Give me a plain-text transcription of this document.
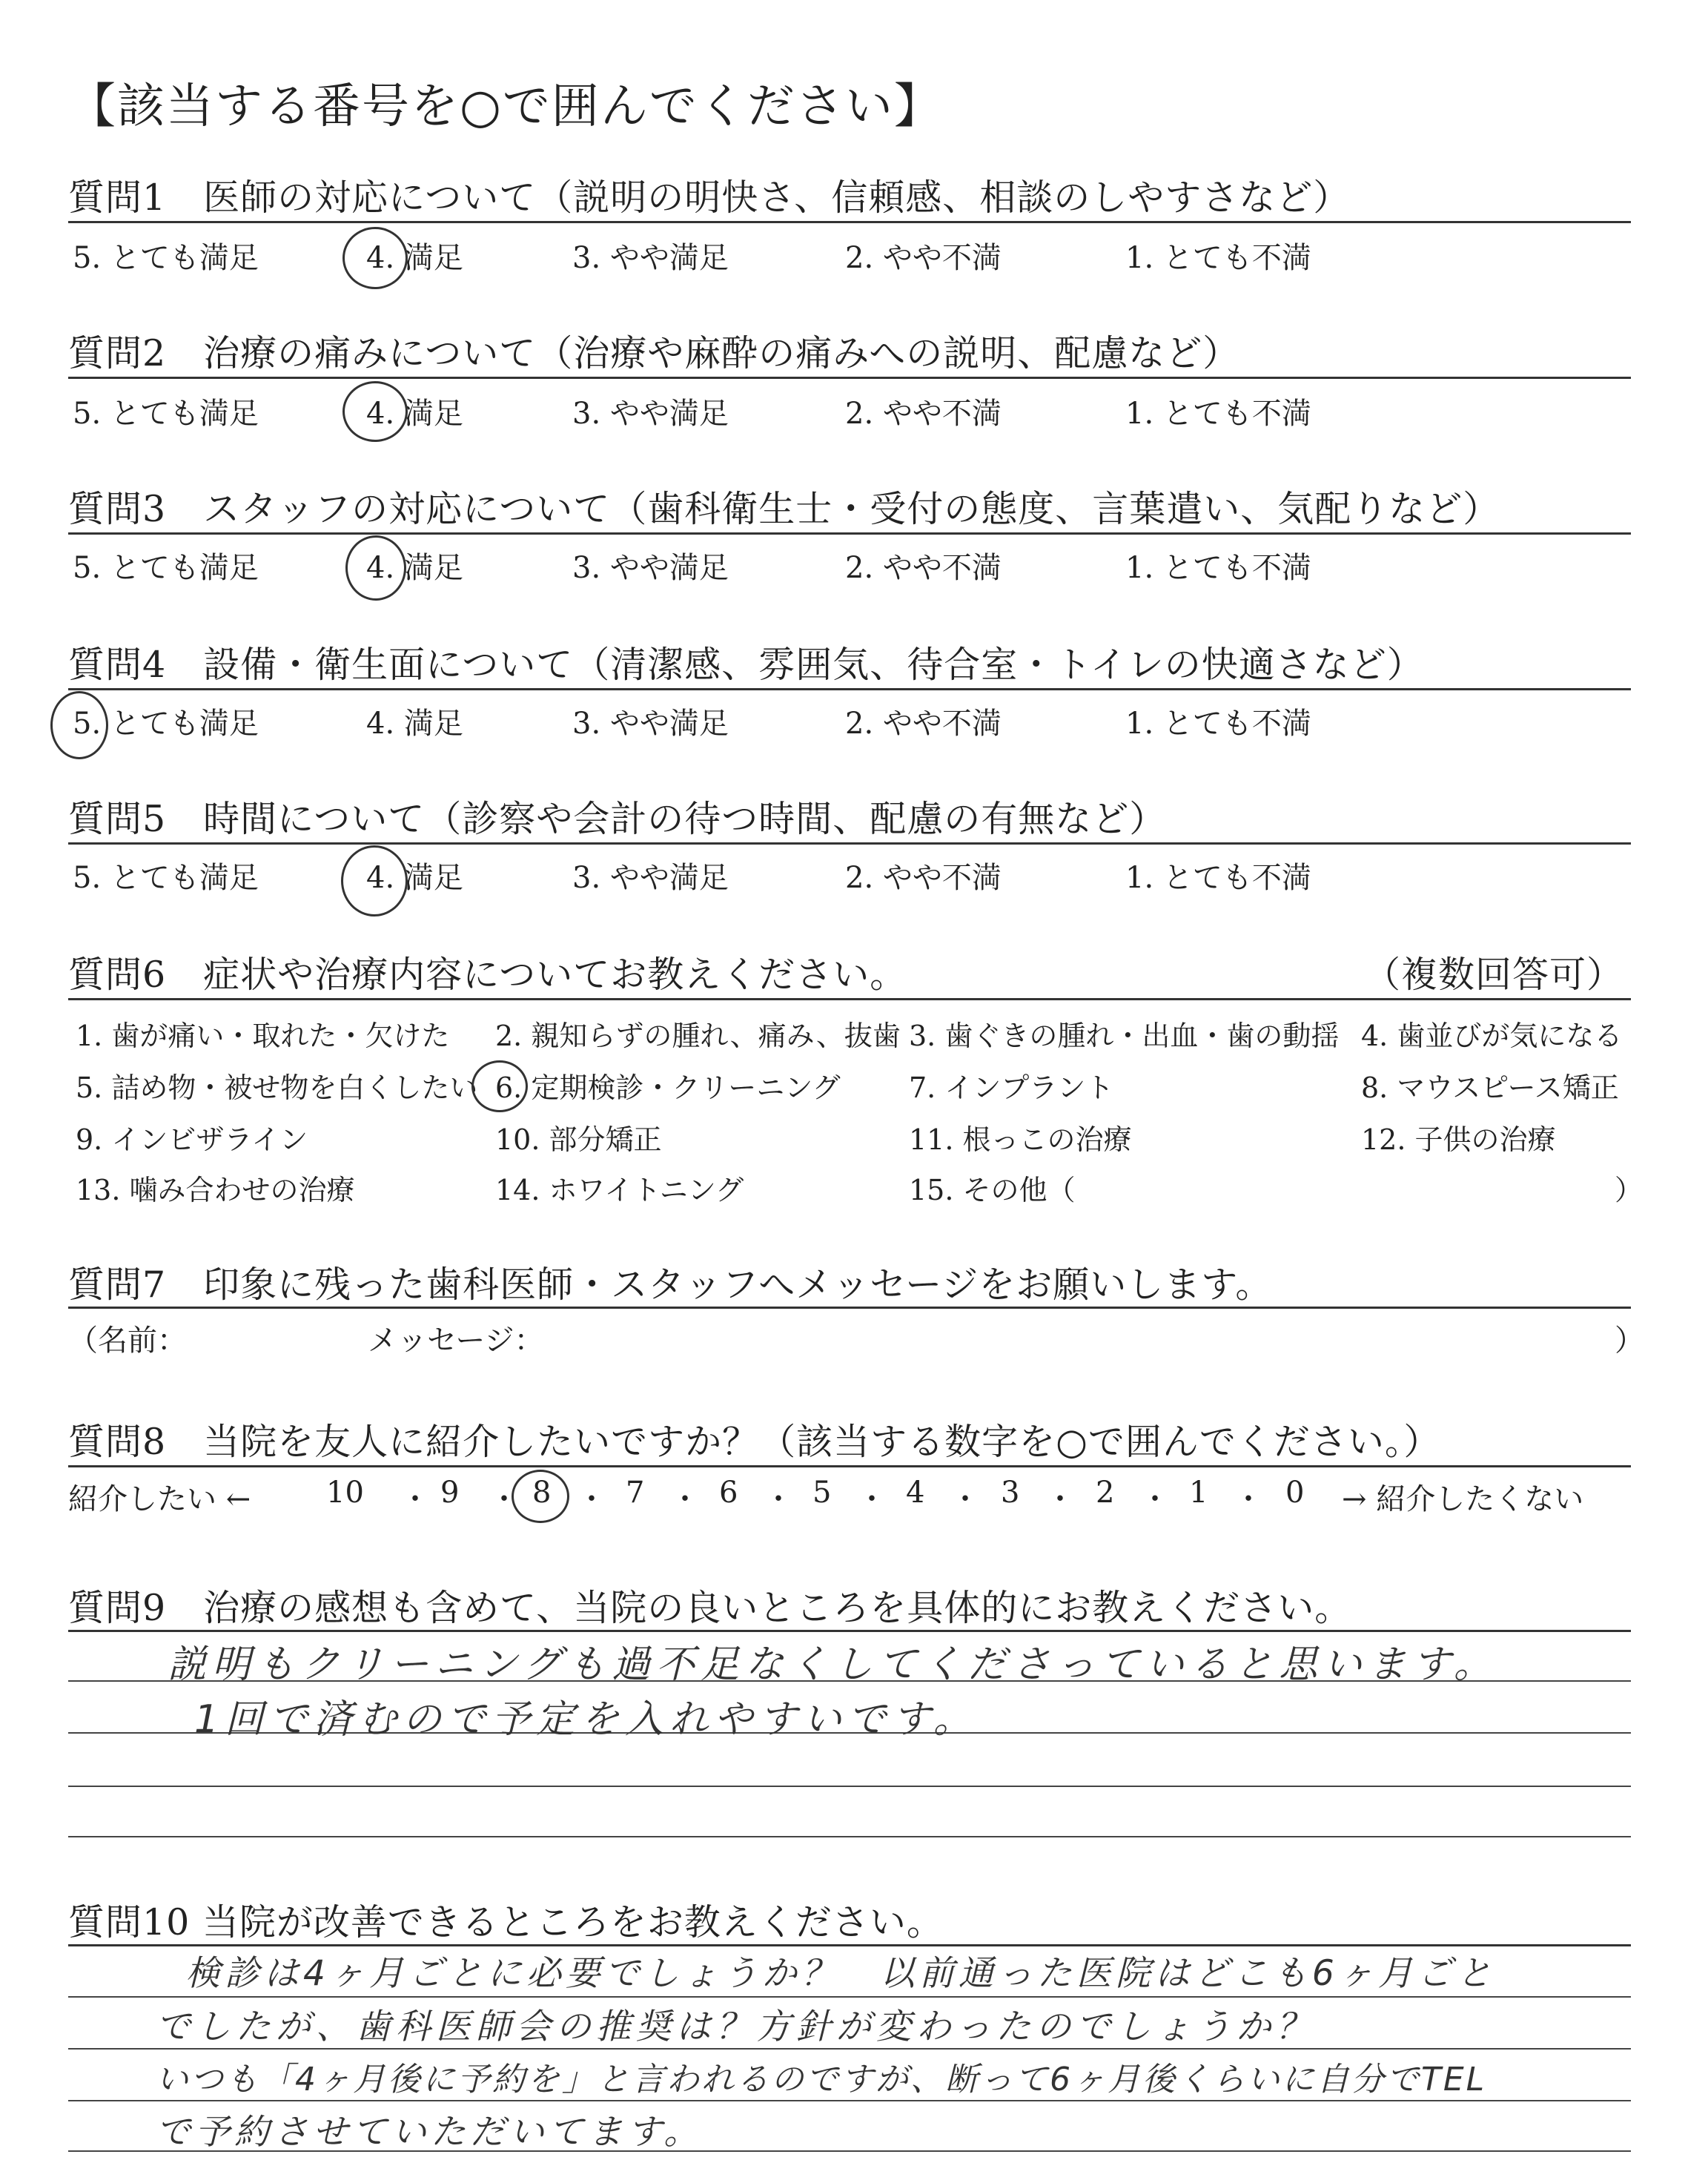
【該当する番号を○で囲んでください】
質問1　医師の対応について（説明の明快さ、信頼感、相談のしやすさなど）
5. とても満足	4. 満足	3. やや満足	2. やや不満	1. とても不満
質問2　治療の痛みについて（治療や麻酔の痛みへの説明、配慮など）
5. とても満足	4. 満足	3. やや満足	2. やや不満	1. とても不満
質問3　スタッフの対応について（歯科衛生士・受付の態度、言葉遣い、気配りなど）
5. とても満足	4. 満足	3. やや満足	2. やや不満	1. とても不満
質問4　設備・衛生面について（清潔感、雰囲気、待合室・トイレの快適さなど）
5. とても満足	4. 満足	3. やや満足	2. やや不満	1. とても不満
質問5　時間について（診察や会計の待つ時間、配慮の有無など）
5. とても満足	4. 満足	3. やや満足	2. やや不満	1. とても不満
質問6　症状や治療内容についてお教えください。	（複数回答可）
1. 歯が痛い・取れた・欠けた 2. 親知らずの腫れ、痛み、抜歯 3. 歯ぐきの腫れ・出血・歯の動揺 4. 歯並びが気になる
5. 詰め物・被せ物を白くしたい 6. 定期検診・クリーニング 7. インプラント	8. マウスピース矯正
9. インビザライン	10. 部分矯正	11. 根っこの治療	12. 子供の治療
13. 噛み合わせの治療	14. ホワイトニング	15. その他（	）
質問7　印象に残った歯科医師・スタッフへメッセージをお願いします。
（名前：	メッセージ：	）
質問8　当院を友人に紹介したいですか？（該当する数字を○で囲んでください。）
紹介したい ←	10	9 8	7	6	5	4	3	2	1	0
・ ・ ・ ・ ・ ・ ・ ・ ・ ・	→ 紹介したくない
質問9　治療の感想も含めて、当院の良いところを具体的にお教えください。
説明もクリーニングも過不足なくしてくださっていると思います。
1回で済むので予定を入れやすいです。
質問10 当院が改善できるところをお教えください。
検診は4ヶ月ごとに必要でしょうか？　以前通った医院はどこも6ヶ月ごと
でしたが、歯科医師会の推奨は？方針が変わったのでしょうか？
いつも「4ヶ月後に予約を」と言われるのですが、断って6ヶ月後くらいに自分でTEL
で予約させていただいてます。
